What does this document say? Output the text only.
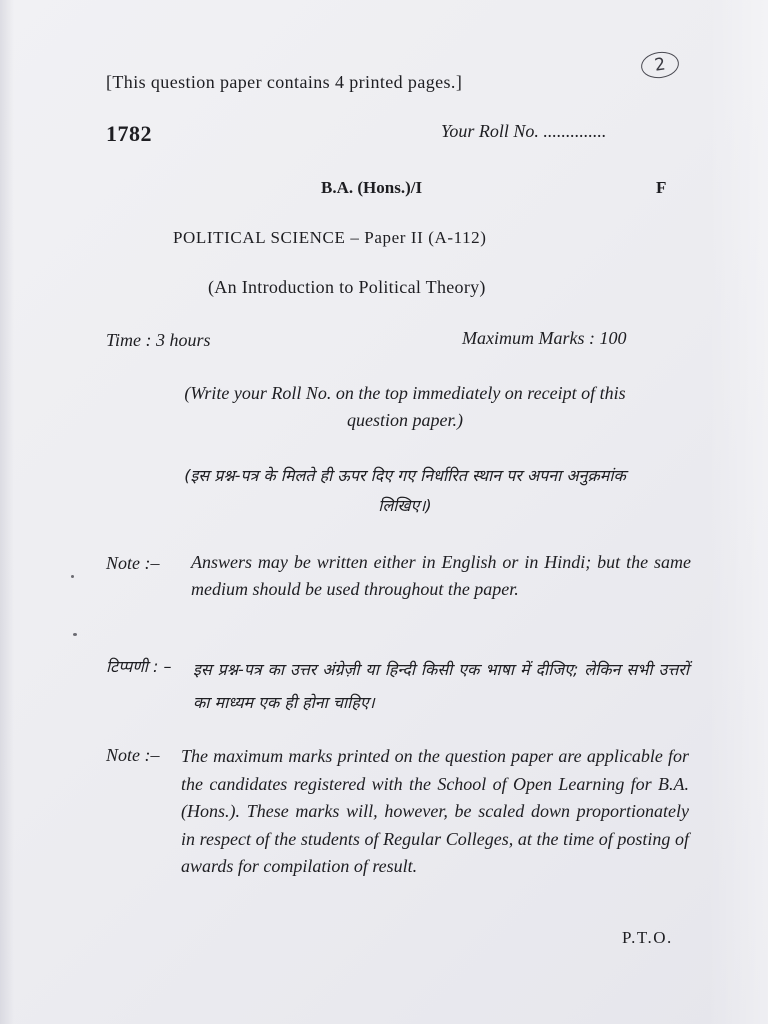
2
[This question paper contains 4 printed pages.]
1782	Your Roll No. ..............
B.A. (Hons.)/I	F
POLITICAL SCIENCE – Paper II (A-112)
(An Introduction to Political Theory)
Time : 3 hours	Maximum Marks : 100
(Write your Roll No. on the top immediately on receipt of this question paper.)
(इस प्रश्न-पत्र के मिलते ही ऊपर दिए गए निर्धारित स्थान पर अपना अनुक्रमांक लिखिए।)
Note :– Answers may be written either in English or in Hindi; but the same medium should be used throughout the paper.
टिप्पणी : – इस प्रश्न-पत्र का उत्तर अंग्रेज़ी या हिन्दी किसी एक भाषा में दीजिए; लेकिन सभी उत्तरों का माध्यम एक ही होना चाहिए।
Note :– The maximum marks printed on the question paper are applicable for the candidates registered with the School of Open Learning for B.A. (Hons.). These marks will, however, be scaled down proportionately in respect of the students of Regular Colleges, at the time of posting of awards for compilation of result.
P.T.O.
